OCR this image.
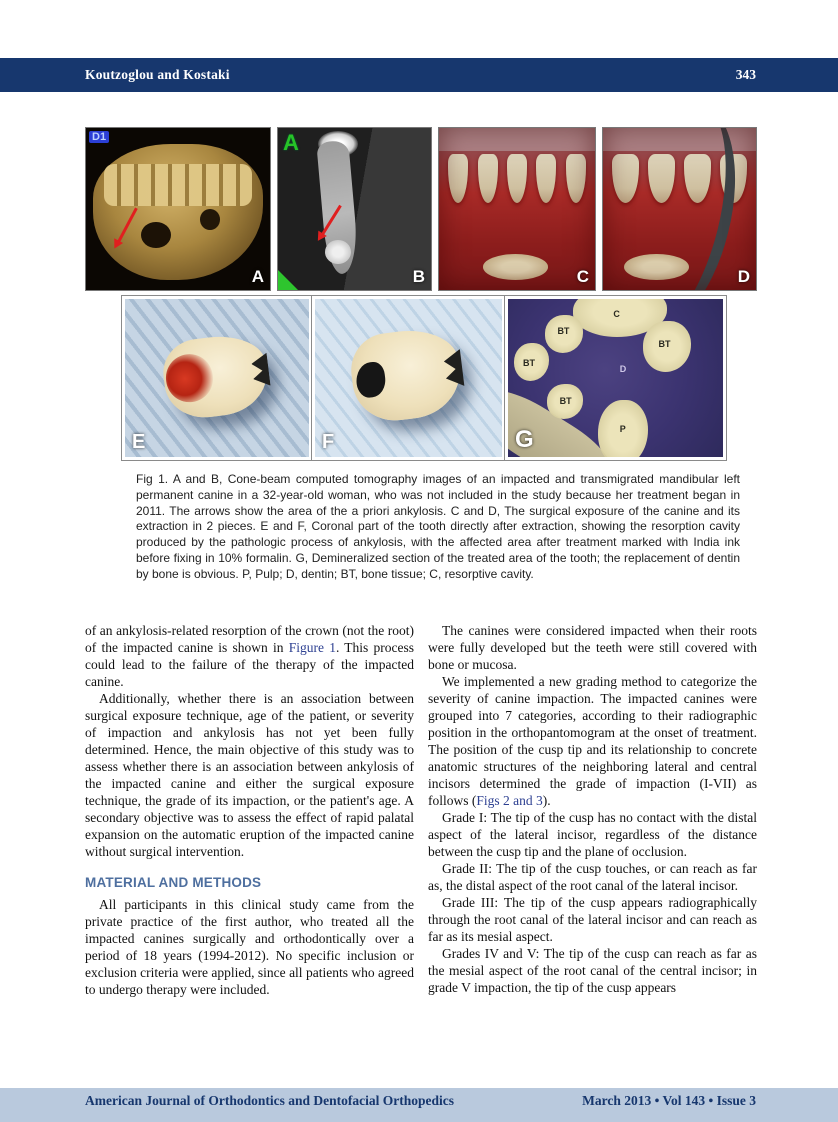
Koutzoglou and Kostaki	343
D1
A
A
B	C	D
E	F
C
BT
BT
BT
BT
D
P
G

Fig 1. A and B, Cone-beam computed tomography images of an impacted and transmigrated mandibular left permanent canine in a 32-year-old woman, who was not included in the study because her treatment began in 2011. The arrows show the area of the a priori ankylosis. C and D, The surgical exposure of the canine and its extraction in 2 pieces. E and F, Coronal part of the tooth directly after extraction, showing the resorption cavity produced by the pathologic process of ankylosis, with the affected area after treatment marked with India ink before fixing in 10% formalin. G, Demineralized section of the treated area of the tooth; the replacement of dentin by bone is obvious. P, Pulp; D, dentin; BT, bone tissue; C, resorptive cavity.

of an ankylosis-related resorption of the crown (not the root) of the impacted canine is shown in Figure 1. This process could lead to the failure of the therapy of the impacted canine.

Additionally, whether there is an association between surgical exposure technique, age of the patient, or severity of impaction and ankylosis has not yet been fully determined. Hence, the main objective of this study was to assess whether there is an association between ankylosis of the impacted canine and either the surgical exposure technique, the grade of its impaction, or the patient's age. A secondary objective was to assess the effect of rapid palatal expansion on the automatic eruption of the impacted canine without surgical intervention.

MATERIAL AND METHODS

All participants in this clinical study came from the private practice of the first author, who treated all the impacted canines surgically and orthodontically over a period of 18 years (1994-2012). No specific inclusion or exclusion criteria were applied, since all patients who agreed to undergo therapy were included.

The canines were considered impacted when their roots were fully developed but the teeth were still covered with bone or mucosa.

We implemented a new grading method to categorize the severity of canine impaction. The impacted canines were grouped into 7 categories, according to their radiographic position in the orthopantomogram at the onset of treatment. The position of the cusp tip and its relationship to concrete anatomic structures of the neighboring lateral and central incisors determined the grade of impaction (I-VII) as follows (Figs 2 and 3).

Grade I: The tip of the cusp has no contact with the distal aspect of the lateral incisor, regardless of the distance between the cusp tip and the plane of occlusion.

Grade II: The tip of the cusp touches, or can reach as far as, the distal aspect of the root canal of the lateral incisor.

Grade III: The tip of the cusp appears radiographically through the root canal of the lateral incisor and can reach as far as its mesial aspect.

Grades IV and V: The tip of the cusp can reach as far as the mesial aspect of the root canal of the central incisor; in grade V impaction, the tip of the cusp appears

American Journal of Orthodontics and Dentofacial Orthopedics	March 2013 • Vol 143 • Issue 3
